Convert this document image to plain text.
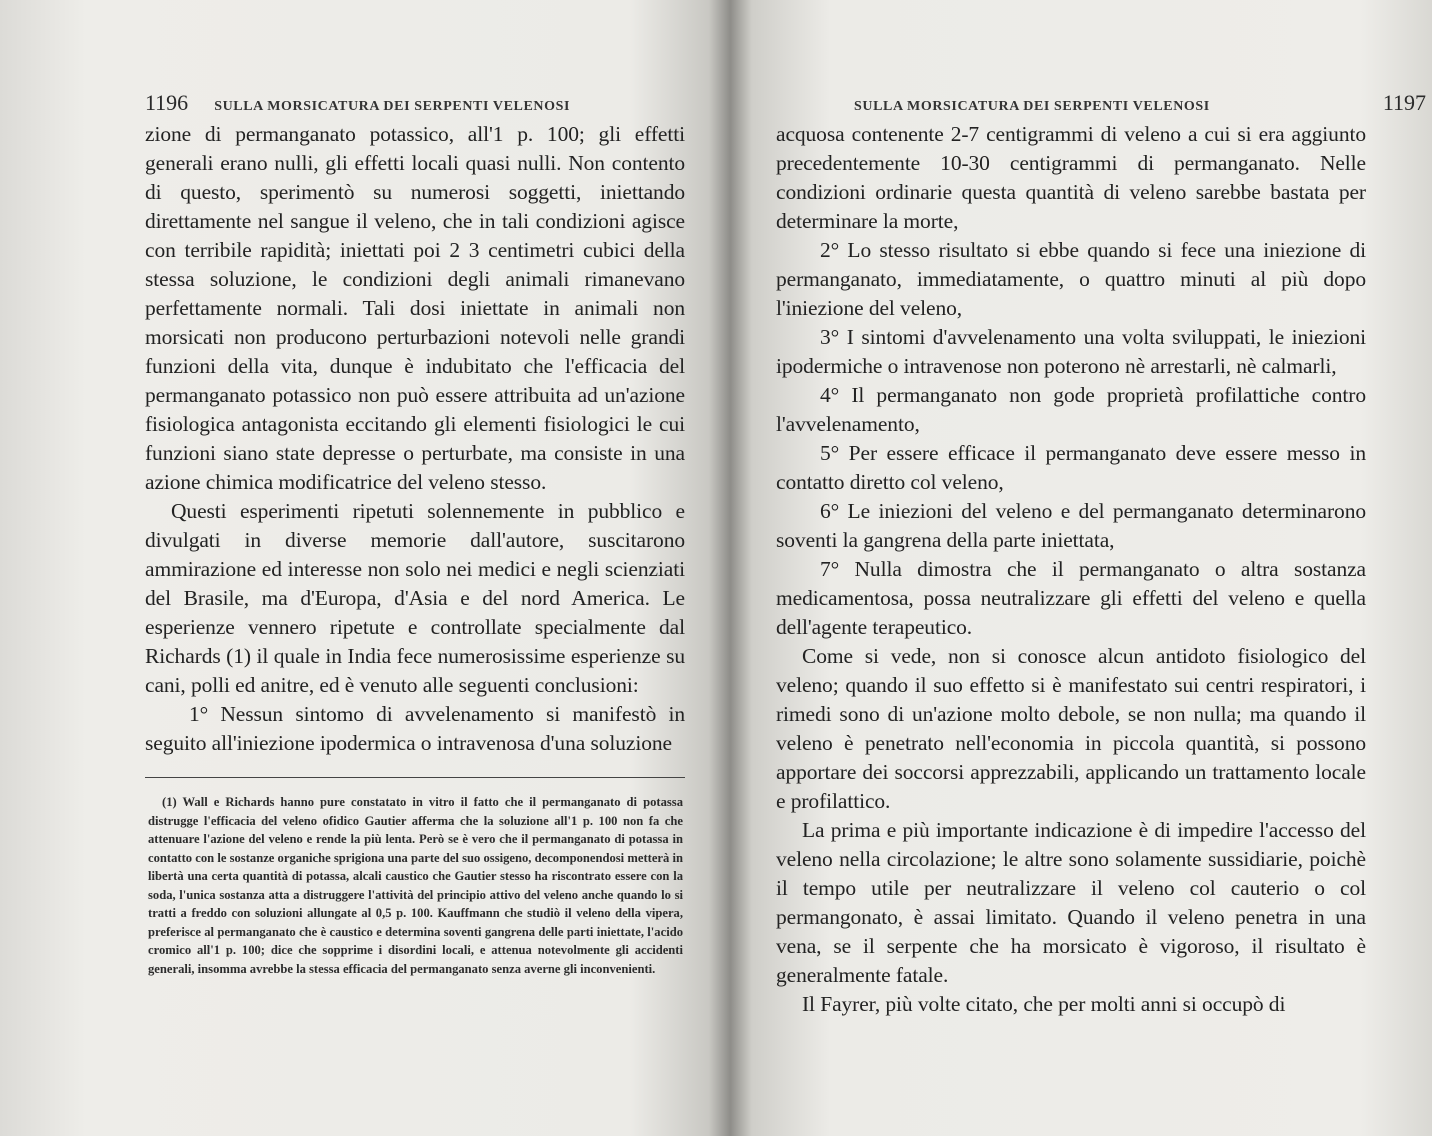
1196 SULLA MORSICATURA DEI SERPENTI VELENOSI

zione di permanganato potassico, all'1 p. 100; gli effetti generali erano nulli, gli effetti locali quasi nulli. Non contento di questo, sperimentò su numerosi soggetti, iniettando direttamente nel sangue il veleno, che in tali condizioni agisce con terribile rapidità; iniettati poi 2 3 centimetri cubici della stessa soluzione, le condizioni degli animali rimanevano perfettamente normali. Tali dosi iniettate in animali non morsicati non producono perturbazioni notevoli nelle grandi funzioni della vita, dunque è indubitato che l'efficacia del permanganato potassico non può essere attribuita ad un'azione fisiologica antagonista eccitando gli elementi fisiologici le cui funzioni siano state depresse o perturbate, ma consiste in una azione chimica modificatrice del veleno stesso.

Questi esperimenti ripetuti solennemente in pubblico e divulgati in diverse memorie dall'autore, suscitarono ammirazione ed interesse non solo nei medici e negli scienziati del Brasile, ma d'Europa, d'Asia e del nord America. Le esperienze vennero ripetute e controllate specialmente dal Richards (1) il quale in India fece numerosissime esperienze su cani, polli ed anitre, ed è venuto alle seguenti conclusioni:

1° Nessun sintomo di avvelenamento si manifestò in seguito all'iniezione ipodermica o intravenosa d'una soluzione

(1) Wall e Richards hanno pure constatato in vitro il fatto che il permanganato di potassa distrugge l'efficacia del veleno ofidico Gautier afferma che la soluzione all'1 p. 100 non fa che attenuare l'azione del veleno e rende la più lenta. Però se è vero che il permanganato di potassa in contatto con le sostanze organiche sprigiona una parte del suo ossigeno, decomponendosi metterà in libertà una certa quantità di potassa, alcali caustico che Gautier stesso ha riscontrato essere con la soda, l'unica sostanza atta a distruggere l'attività del principio attivo del veleno anche quando lo si tratti a freddo con soluzioni allungate al 0,5 p. 100. Kauffmann che studiò il veleno della vipera, preferisce al permanganato che è caustico e determina soventi gangrena delle parti iniettate, l'acido cromico all'1 p. 100; dice che sopprime i disordini locali, e attenua notevolmente gli accidenti generali, insomma avrebbe la stessa efficacia del permanganato senza averne gli inconvenienti.

SULLA MORSICATURA DEI SERPENTI VELENOSI	1197

acquosa contenente 2-7 centigrammi di veleno a cui si era aggiunto precedentemente 10-30 centigrammi di permanganato. Nelle condizioni ordinarie questa quantità di veleno sarebbe bastata per determinare la morte,

2° Lo stesso risultato si ebbe quando si fece una iniezione di permanganato, immediatamente, o quattro minuti al più dopo l'iniezione del veleno,

3° I sintomi d'avvelenamento una volta sviluppati, le iniezioni ipodermiche o intravenose non poterono nè arrestarli, nè calmarli,

4° Il permanganato non gode proprietà profilattiche contro l'avvelenamento,

5° Per essere efficace il permanganato deve essere messo in contatto diretto col veleno,

6° Le iniezioni del veleno e del permanganato determinarono soventi la gangrena della parte iniettata,

7° Nulla dimostra che il permanganato o altra sostanza medicamentosa, possa neutralizzare gli effetti del veleno e quella dell'agente terapeutico.

Come si vede, non si conosce alcun antidoto fisiologico del veleno; quando il suo effetto si è manifestato sui centri respiratori, i rimedi sono di un'azione molto debole, se non nulla; ma quando il veleno è penetrato nell'economia in piccola quantità, si possono apportare dei soccorsi apprezzabili, applicando un trattamento locale e profilattico.

La prima e più importante indicazione è di impedire l'accesso del veleno nella circolazione; le altre sono solamente sussidiarie, poichè il tempo utile per neutralizzare il veleno col cauterio o col permangonato, è assai limitato. Quando il veleno penetra in una vena, se il serpente che ha morsicato è vigoroso, il risultato è generalmente fatale.

Il Fayrer, più volte citato, che per molti anni si occupò di
